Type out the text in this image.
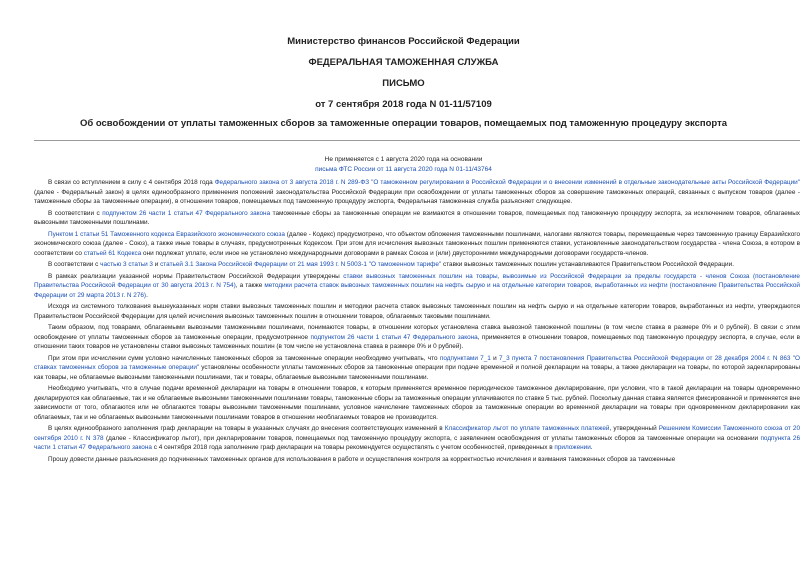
Министерство финансов Российской Федерации

ФЕДЕРАЛЬНАЯ ТАМОЖЕННАЯ СЛУЖБА

ПИСЬМО

от 7 сентября 2018 года N 01-11/57109

Об освобождении от уплаты таможенных сборов за таможенные операции товаров, помещаемых под таможенную процедуру экспорта

Не применяется с 1 августа 2020 года на основании
письма ФТС России от 11 августа 2020 года N 01-11/43764

В связи со вступлением в силу с 4 сентября 2018 года Федерального закона от 3 августа 2018 г. N 289-ФЗ "О таможенном регулировании в Российской Федерации и о внесении изменений в отдельные законодательные акты Российской Федерации" (далее - Федеральный закон) в целях единообразного применения положений законодательства Российской Федерации при освобождении от уплаты таможенных сборов за совершение таможенных операций, связанных с выпуском товаров (далее - таможенные сборы за таможенные операции), в отношении товаров, помещаемых под таможенную процедуру экспорта, Федеральная таможенная служба разъясняет следующее.

В соответствии с подпунктом 26 части 1 статьи 47 Федерального закона таможенные сборы за таможенные операции не взимаются в отношении товаров, помещаемых под таможенную процедуру экспорта, за исключением товаров, облагаемых вывозными таможенными пошлинами.

Пунктом 1 статьи 51 Таможенного кодекса Евразийского экономического союза (далее - Кодекс) предусмотрено, что объектом обложения таможенными пошлинами, налогами являются товары, перемещаемые через таможенную границу Евразийского экономического союза (далее - Союз), а также иные товары в случаях, предусмотренных Кодексом. При этом для исчисления вывозных таможенных пошлин применяются ставки, установленные законодательством государства - члена Союза, в котором в соответствии со статьей 61 Кодекса они подлежат уплате, если иное не установлено международными договорами в рамках Союза и (или) двусторонними международными договорами государств-членов.

В соответствии с частью 3 статьи 3 и статьей 3.1 Закона Российской Федерации от 21 мая 1993 г. N 5003-1 "О таможенном тарифе" ставки вывозных таможенных пошлин устанавливаются Правительством Российской Федерации.

В рамках реализации указанной нормы Правительством Российской Федерации утверждены ставки вывозных таможенных пошлин на товары, вывозимые из Российской Федерации за пределы государств - членов Союза (постановление Правительства Российской Федерации от 30 августа 2013 г. N 754), а также методики расчета ставок вывозных таможенных пошлин на нефть сырую и на отдельные категории товаров, выработанных из нефти (постановление Правительства Российской Федерации от 29 марта 2013 г. N 276).

Исходя из системного толкования вышеуказанных норм ставки вывозных таможенных пошлин и методики расчета ставок вывозных таможенных пошлин на нефть сырую и на отдельные категории товаров, выработанных из нефти, утверждаются Правительством Российской Федерации для целей исчисления вывозных таможенных пошлин в отношении товаров, облагаемых таковыми пошлинами.

Таким образом, под товарами, облагаемыми вывозными таможенными пошлинами, понимаются товары, в отношении которых установлена ставка вывозной таможенной пошлины (в том числе ставка в размере 0% и 0 рублей). В связи с этим освобождение от уплаты таможенных сборов за таможенные операции, предусмотренное подпунктом 26 части 1 статьи 47 Федерального закона, применяется в отношении товаров, помещаемых под таможенную процедуру экспорта, в случае, если в отношении таких товаров не установлены ставки вывозных таможенных пошлин (в том числе не установлена ставка в размере 0% и 0 рублей).

При этом при исчислении сумм условно начисленных таможенных сборов за таможенные операции необходимо учитывать, что подпунктами 7_1 и 7_3 пункта 7 постановления Правительства Российской Федерации от 28 декабря 2004 г. N 863 "О ставках таможенных сборов за таможенные операции" установлены особенности уплаты таможенных сборов за таможенные операции при подаче временной и полной декларации на товары, а также декларации на товары, по которой задекларированы как товары, не облагаемые вывозными таможенными пошлинами, так и товары, облагаемые вывозными таможенными пошлинами.

Необходимо учитывать, что в случае подачи временной декларации на товары в отношении товаров, к которым применяется временное периодическое таможенное декларирование, при условии, что в такой декларации на товары одновременно декларируются как облагаемые, так и не облагаемые вывозными таможенными пошлинами товары, таможенные сборы за таможенные операции уплачиваются по ставке 5 тыс. рублей. Поскольку данная ставка является фиксированной и применяется вне зависимости от того, облагаются или не облагаются товары вывозными таможенными пошлинами, условное начисление таможенных сборов за таможенные операции во временной декларации на товары при одновременном декларировании как облагаемых, так и не облагаемых вывозными таможенными пошлинами товаров в отношении необлагаемых товаров не производится.

В целях единообразного заполнения граф декларации на товары в указанных случаях до внесения соответствующих изменений в Классификатор льгот по уплате таможенных платежей, утвержденный Решением Комиссии Таможенного союза от 20 сентября 2010 г. N 378 (далее - Классификатор льгот), при декларировании товаров, помещаемых под таможенную процедуру экспорта, с заявлением освобождения от уплаты таможенных сборов за таможенные операции на основании подпункта 26 части 1 статьи 47 Федерального закона с 4 сентября 2018 года заполнение граф декларации на товары рекомендуется осуществлять с учетом особенностей, приведенных в приложении.

Прошу довести данные разъяснения до подчиненных таможенных органов для использования в работе и осуществления контроля за корректностью исчисления и взимания таможенных сборов за таможенные
